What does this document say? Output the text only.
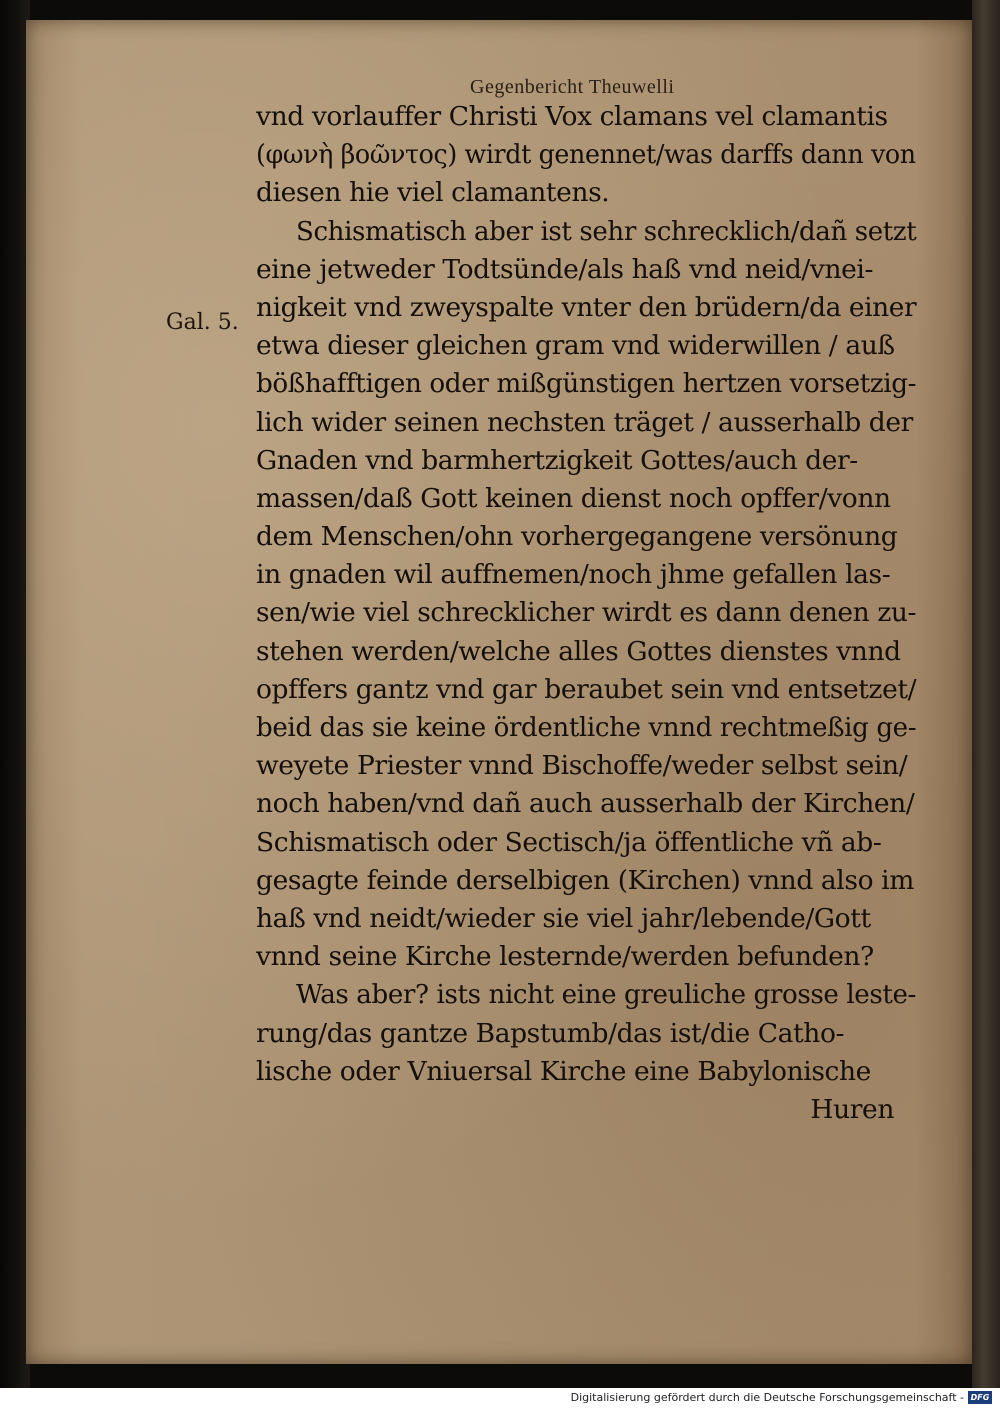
Gegenbericht Theuwelli
Gal. 5.
vnd vorlauffer Christi Vox clamans vel clamantis
(φωνὴ βοῶντος) wirdt genennet/was darffs dann von
diesen hie viel clamantens.
Schismatisch aber ist sehr schrecklich/dañ setzt
eine jetweder Todtsünde/als haß vnd neid/vnei-
nigkeit vnd zweyspalte vnter den brüdern/da einer
etwa dieser gleichen gram vnd widerwillen / auß
bößhafftigen oder mißgünstigen hertzen vorsetzig-
lich wider seinen nechsten träget / ausserhalb der
Gnaden vnd barmhertzigkeit Gottes/auch der-
massen/daß Gott keinen dienst noch opffer/vonn
dem Menschen/ohn vorhergegangene versönung
in gnaden wil auffnemen/noch jhme gefallen las-
sen/wie viel schrecklicher wirdt es dann denen zu-
stehen werden/welche alles Gottes dienstes vnnd
opffers gantz vnd gar beraubet sein vnd entsetzet/
beid das sie keine ördentliche vnnd rechtmeßig ge-
weyete Priester vnnd Bischoffe/weder selbst sein/
noch haben/vnd dañ auch ausserhalb der Kirchen/
Schismatisch oder Sectisch/ja öffentliche vñ ab-
gesagte feinde derselbigen (Kirchen) vnnd also im
haß vnd neidt/wieder sie viel jahr/lebende/Gott
vnnd seine Kirche lesternde/werden befunden?
Was aber? ists nicht eine greuliche grosse leste-
rung/das gantze Bapstumb/das ist/die Catho-
lische oder Vniuersal Kirche eine Babylonische
Huren
Digitalisierung gefördert durch die Deutsche Forschungsgemeinschaft - DFG
